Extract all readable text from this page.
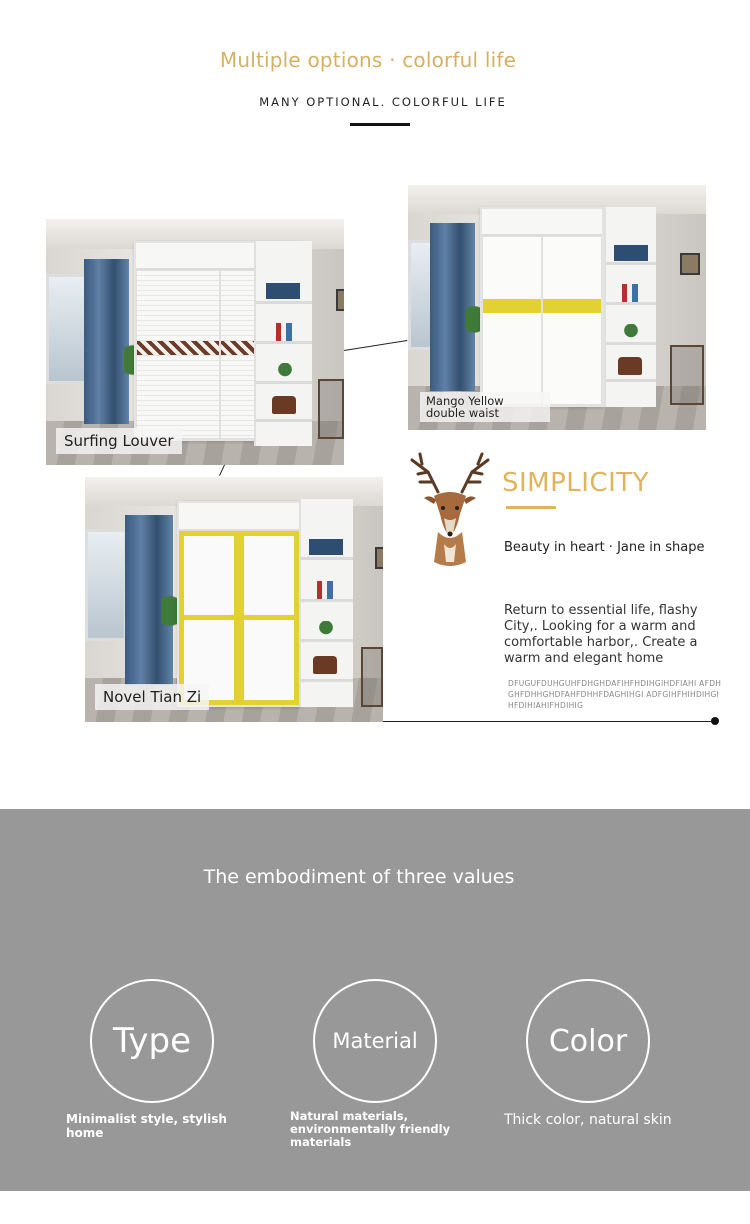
Multiple options · colorful life
MANY OPTIONAL. COLORFUL LIFE
Surfing Louver
Mango Yellow double waist
Novel Tian Zi
SIMPLICITY
Beauty in heart · Jane in shape
Return to essential life, flashy City,. Looking for a warm and comfortable harbor,. Create a warm and elegant home
DFUGUFDUHGUHFDHGHDAFIHFHDIHGIHDFIAHI AFDHGHFDHHGHDFAHFDHHFDAGHIHGI ADFGIHFHIHDIHGIHFDIHIAHIFHDIHIG
The embodiment of three values
Type
Minimalist style, stylish home
Material
Natural materials, environmentally friendly materials
Color
Thick color, natural skin
